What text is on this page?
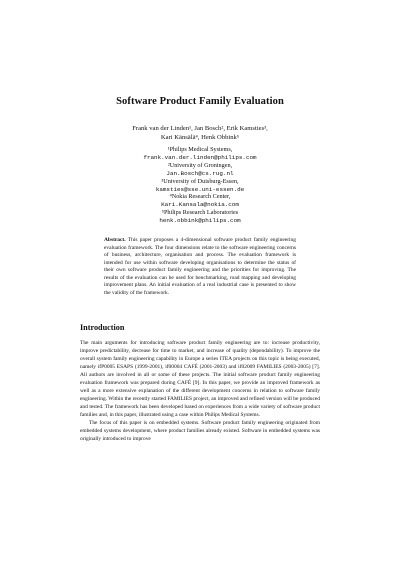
Software Product Family Evaluation
Frank van der Linden¹, Jan Bosch², Erik Kamsties³,
Kari Känsälä⁴, Henk Obbink⁵
¹Philips Medical Systems,
frank.van.der.linden@philips.com
²University of Groningen,
Jan.Bosch@cs.rug.nl
³University of Duisburg-Essen,
kamsties@sse.uni-essen.de
⁴Nokia Research Center,
Kari.Kansala@nokia.com
⁵Philips Research Laboratories
henk.obbink@philips.com
Abstract. This paper proposes a 4-dimensional software product family engineering evaluation framework. The four dimensions relate to the software engineering concerns of business, architecture, organisation and process. The evaluation framework is intended for use within software developing organisations to determine the status of their own software product family engineering and the priorities for improving. The results of the evaluation can be used for benchmarking, road mapping and developing improvement plans. An initial evaluation of a real industrial case is presented to show the validity of the framework.
Introduction

The main arguments for introducing software product family engineering are to: increase productivity, improve predictability, decrease for time to market, and increase of quality (dependability). To improve the overall system family engineering capability in Europe a series ITEA projects on this topic is being executed, namely ifP0005 ESAPS (1999-2001), if00004 CAFÉ (2001-2003) and if02009 FAMILIES (2003-2005) [7]. All authors are involved in all or some of these projects. The initial software product family engineering evaluation framework was prepared during CAFÉ [9]. In this paper, we provide an improved framework as well as a more extensive explanation of the different development concerns in relation to software family engineering. Within the recently started FAMILIES project, an improved and refined version will be produced and tested. The framework has been developed based on experiences from a wide variety of software product families and, in this paper, illustrated using a case within Philips Medical Systems.

The focus of this paper is on embedded systems. Software product family engineering originated from embedded systems development, where product families already existed. Software in embedded systems was originally introduced to improve
